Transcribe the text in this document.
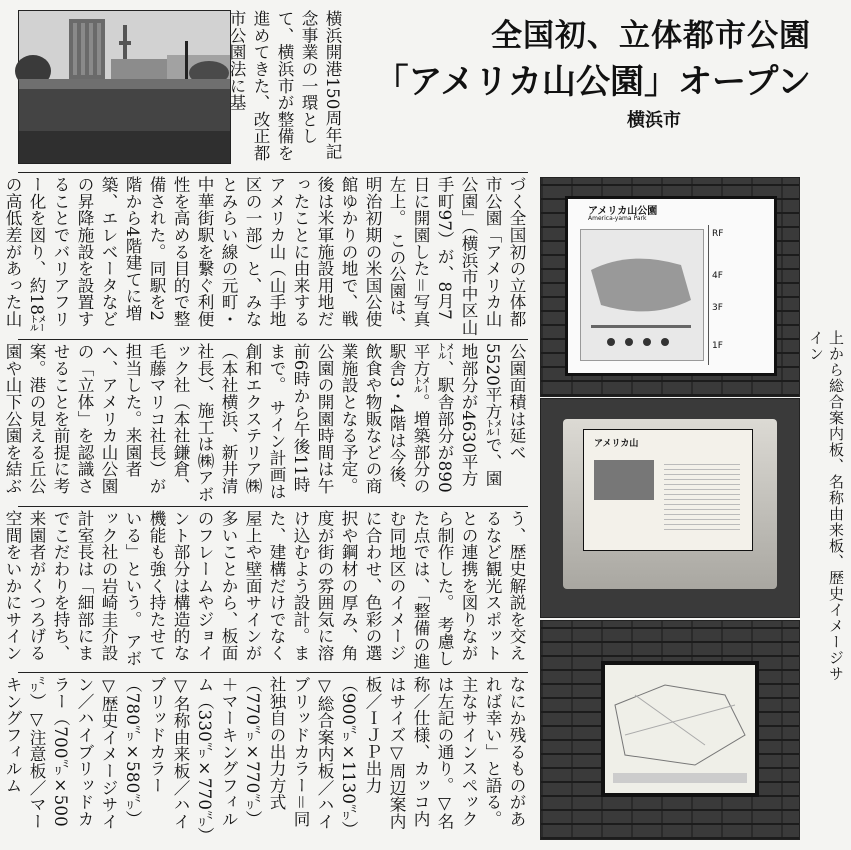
全国初、立体都市公園
「アメリカ山公園」オープン
横浜市
横浜開港150周年記念事業の一環として、横浜市が整備を進めてきた、改正都市公園法に基
づく全国初の立体都市公園「アメリカ山公園」（横浜市中区山手町97）が、8月7日に開園した＝写真左上。 この公園は、明治初期の米国公使館ゆかりの地で、戦後は米軍施設用地だったことに由来するアメリカ山（山手地区の一部）と、みなとみらい線の元町・中華街駅を繋ぐ利便性を高める目的で整備された。同駅を2階から4階建てに増築、エレベータなどの昇降施設を設置することでバリアフリー化を図り、約18㍍の高低差があった山
公園面積は延べ5520平方㍍で、園地部分が4630平方㍍、駅舎部分が890平方㍍。増築部分の駅舎3・4階は今後、飲食や物販などの商業施設となる予定。公園の開園時間は午前6時から午後11時まで。 サイン計画は創和エクステリア㈱（本社横浜、新井清社長）、施工は㈱アボック社（本社鎌倉、毛藤マリコ社長）が担当した。来園者へ、アメリカ山公園の「立体」を認識させることを前提に考案。港の見える丘公園や山下公園を結ぶ
う、歴史解説を交えるなど観光スポットとの連携を図りながら制作した。 考慮した点では、「整備の進む同地区のイメージに合わせ、色彩の選択や鋼材の厚み、角度が街の雰囲気に溶け込むよう設計。また、建構だけでなく屋上や壁面サインが多いことから、板面のフレームやジョイント部分は構造的な機能も強く持たせている」という。 アボック社の岩崎圭介設計室長は「細部にまでこだわりを持ち、来園者がくつろげる空間をいかにサイン
なにか残るものがあれば幸い」と語る。 主なサインスペックは左記の通り。▽名称／仕様、カッコ内はサイズ▽周辺案内板／ＩＪＰ出力（900㍉×1130㍉）▽総合案内板／ハイブリッドカラー＝同社独自の出力方式（770㍉×770㍉）＋マーキングフィルム（330㍉×770㍉）▽名称由来板／ハイブリッドカラー（780㍉×580㍉）▽歴史イメージサイン／ハイブリッドカラー（700㍉×500㍉）▽注意板／マーキングフィルム
アメリカ山公園
America-yama Park
RF
4F
3F
1F
アメリカ山	上から総合案内板、名称由来板、歴史イメージサイン
